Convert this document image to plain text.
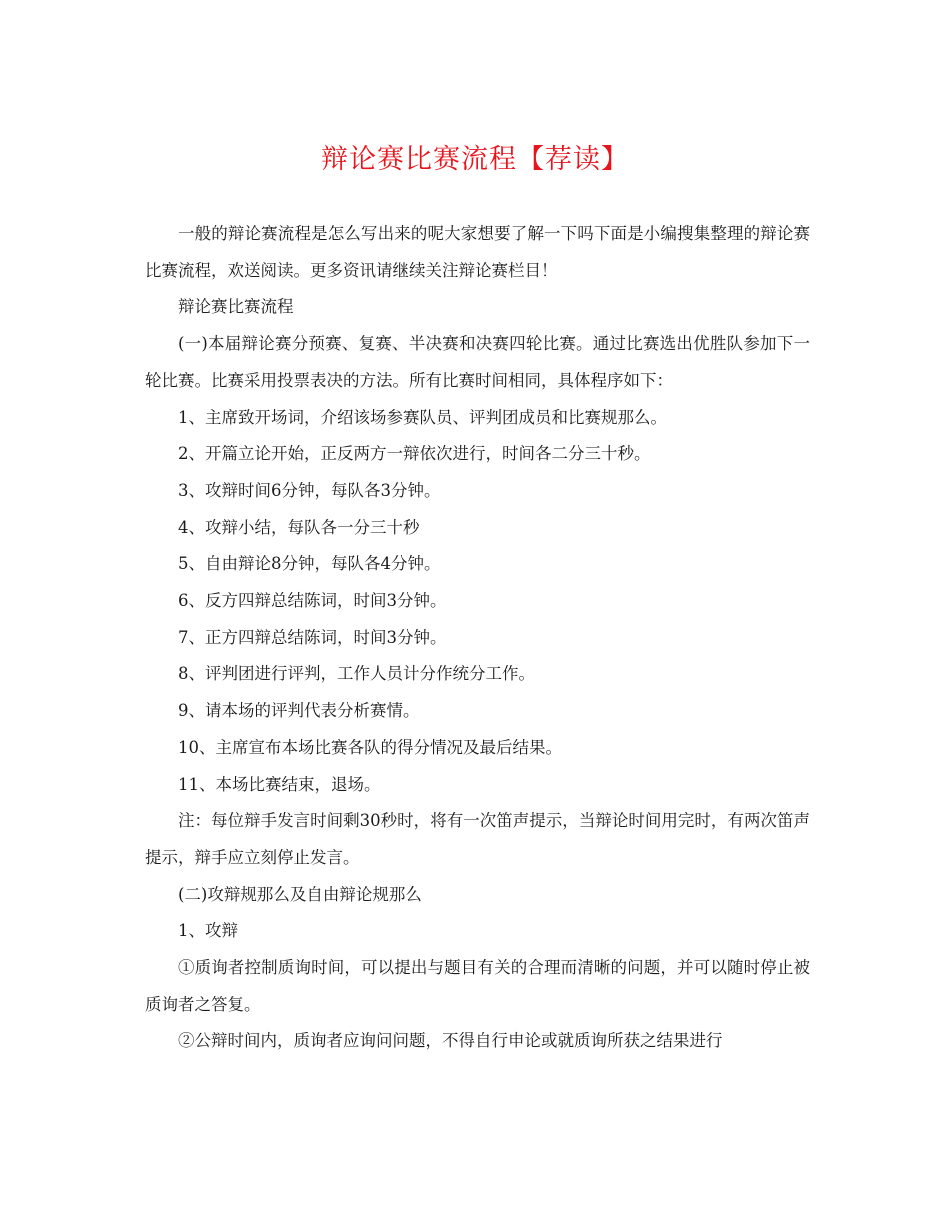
辩论赛比赛流程【荐读】

一般的辩论赛流程是怎么写出来的呢大家想要了解一下吗下面是小编搜集整理的辩论赛比赛流程，欢送阅读。更多资讯请继续关注辩论赛栏目！

辩论赛比赛流程

(一)本届辩论赛分预赛、复赛、半决赛和决赛四轮比赛。通过比赛选出优胜队参加下一轮比赛。比赛采用投票表决的方法。所有比赛时间相同，具体程序如下：

1、主席致开场词，介绍该场参赛队员、评判团成员和比赛规那么。

2、开篇立论开始，正反两方一辩依次进行，时间各二分三十秒。

3、攻辩时间6分钟，每队各3分钟。

4、攻辩小结，每队各一分三十秒

5、自由辩论8分钟，每队各4分钟。

6、反方四辩总结陈词，时间3分钟。

7、正方四辩总结陈词，时间3分钟。

8、评判团进行评判，工作人员计分作统分工作。

9、请本场的评判代表分析赛情。

10、主席宣布本场比赛各队的得分情况及最后结果。

11、本场比赛结束，退场。

注：每位辩手发言时间剩30秒时，将有一次笛声提示，当辩论时间用完时，有两次笛声提示，辩手应立刻停止发言。

(二)攻辩规那么及自由辩论规那么

1、攻辩

①质询者控制质询时间，可以提出与题目有关的合理而清晰的问题，并可以随时停止被质询者之答复。

②公辩时间内，质询者应询问问题，不得自行申论或就质询所获之结果进行
